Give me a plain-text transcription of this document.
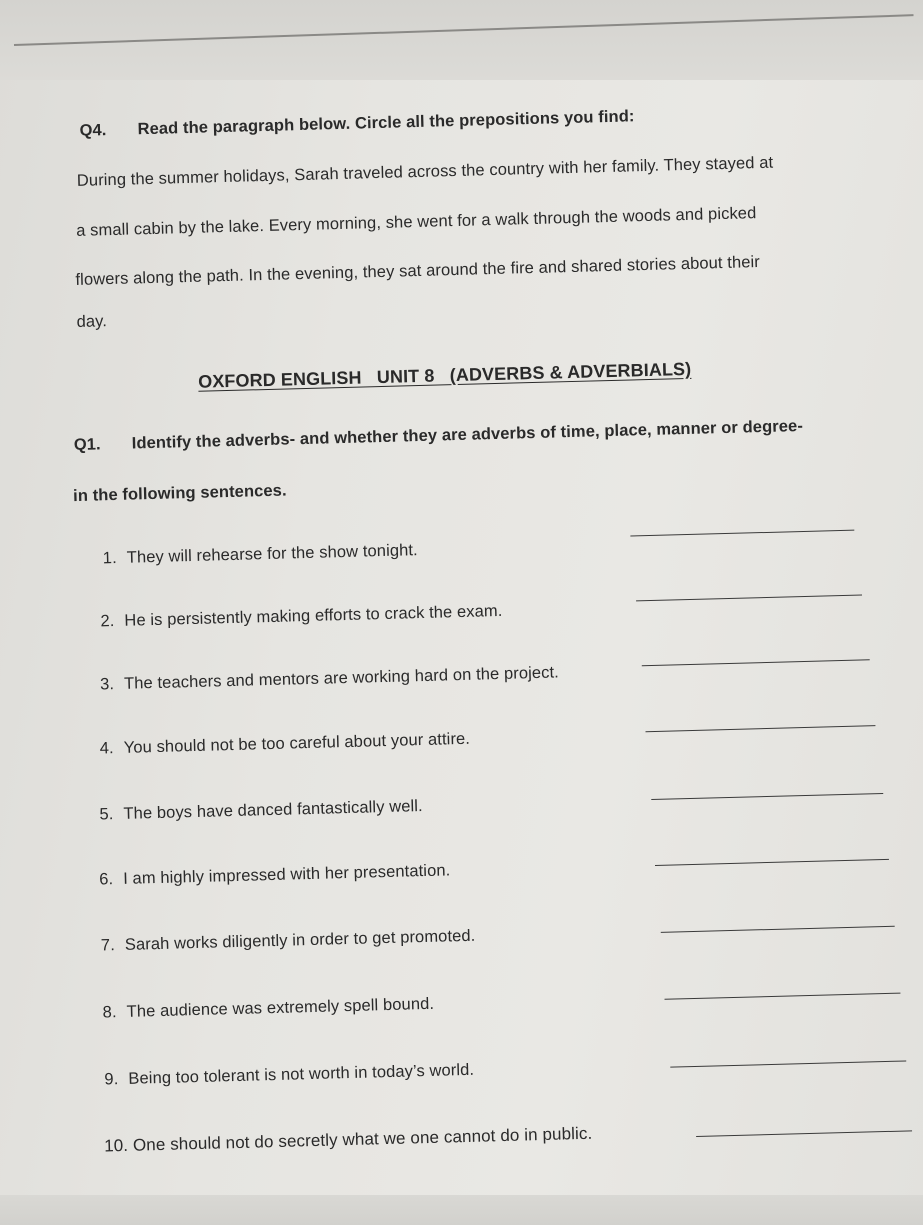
Q4. Read the paragraph below. Circle all the prepositions you find:
During the summer holidays, Sarah traveled across the country with her family. They stayed at
a small cabin by the lake. Every morning, she went for a walk through the woods and picked
flowers along the path. In the evening, they sat around the fire and shared stories about their
day.
OXFORD ENGLISH   UNIT 8   (ADVERBS & ADVERBIALS)
Q1. Identify the adverbs- and whether they are adverbs of time, place, manner or degree-
in the following sentences.
1. They will rehearse for the show tonight.
2. He is persistently making efforts to crack the exam.
3. The teachers and mentors are working hard on the project.
4. You should not be too careful about your attire.
5. The boys have danced fantastically well.
6. I am highly impressed with her presentation.
7. Sarah works diligently in order to get promoted.
8. The audience was extremely spell bound.
9. Being too tolerant is not worth in today’s world.
10. One should not do secretly what we one cannot do in public.
